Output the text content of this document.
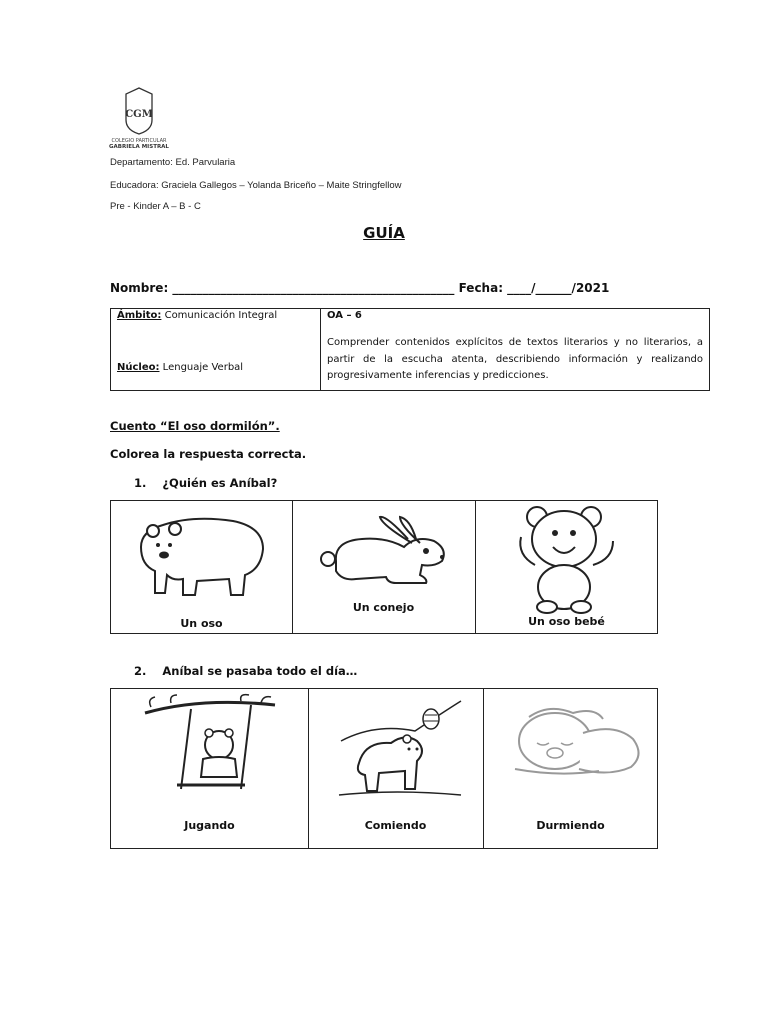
CGM
COLEGIO PARTICULAR
GABRIELA MISTRAL
Departamento: Ed. Parvularia
Educadora: Graciela Gallegos – Yolanda Briceño – Maite Stringfellow
Pre - Kinder A – B - C
GUÍA
Nombre: _______________________________________________ Fecha: ____/______/2021
Ámbito: Comunicación Integral
Núcleo: Lenguaje Verbal
OA – 6
Comprender contenidos explícitos de textos literarios y no literarios, a partir de la escucha atenta, describiendo información y realizando progresivamente inferencias y predicciones.
Cuento “El oso dormilón”.
Colorea la respuesta correcta.
1. ¿Quién es Aníbal?
Un oso
Un conejo
Un oso bebé
2. Aníbal se pasaba todo el día…
Jugando	Comiendo	Durmiendo
